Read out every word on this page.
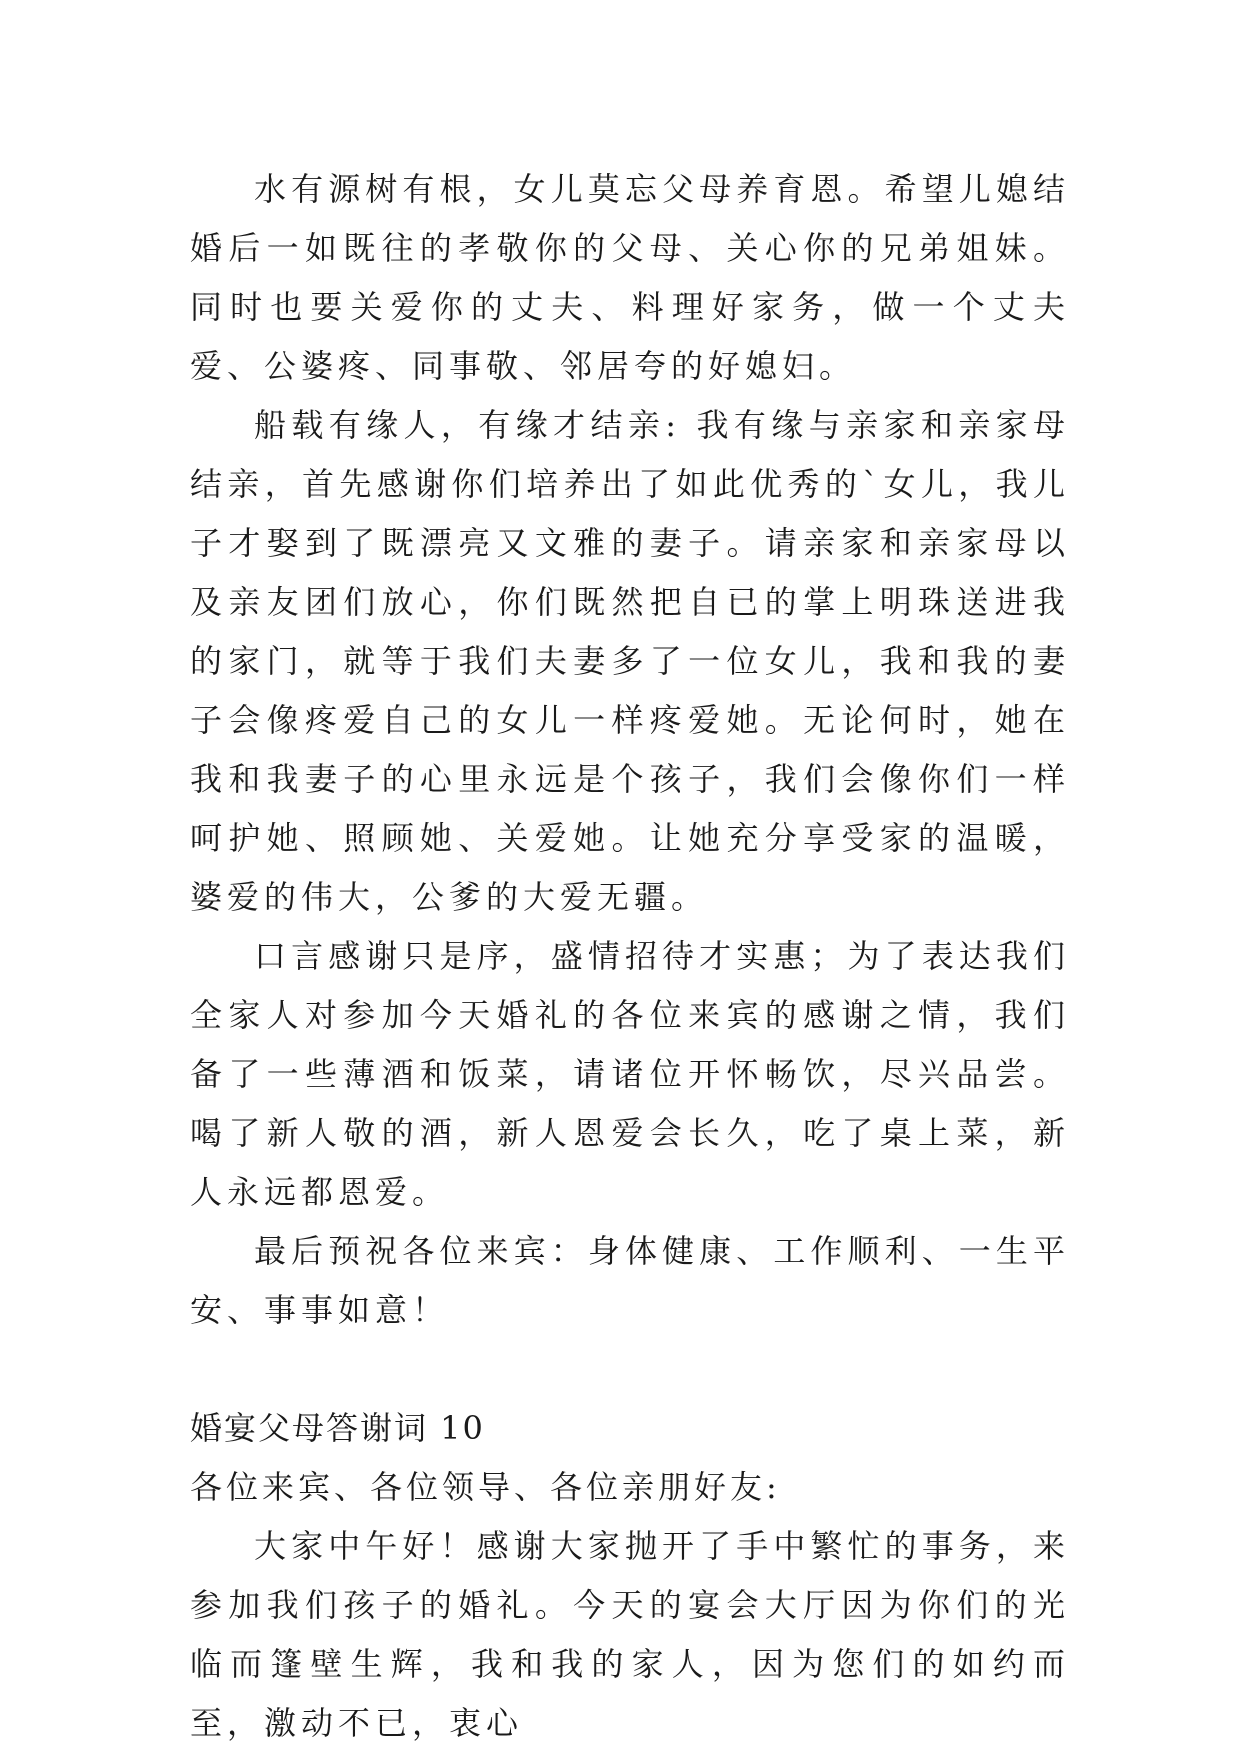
水有源树有根，女儿莫忘父母养育恩。希望儿媳结婚后一如既往的孝敬你的父母、关心你的兄弟姐妹。同时也要关爱你的丈夫、料理好家务，做一个丈夫爱、公婆疼、同事敬、邻居夸的好媳妇。

船载有缘人，有缘才结亲: 我有缘与亲家和亲家母结亲，首先感谢你们培养出了如此优秀的`女儿，我儿子才娶到了既漂亮又文雅的妻子。请亲家和亲家母以及亲友团们放心，你们既然把自已的掌上明珠送进我的家门，就等于我们夫妻多了一位女儿，我和我的妻子会像疼爱自己的女儿一样疼爱她。无论何时，她在我和我妻子的心里永远是个孩子，我们会像你们一样呵护她、照顾她、关爱她。让她充分享受家的温暖，婆爱的伟大，公爹的大爱无疆。

口言感谢只是序，盛情招待才实惠；为了表达我们全家人对参加今天婚礼的各位来宾的感谢之情，我们备了一些薄酒和饭菜，请诸位开怀畅饮，尽兴品尝。喝了新人敬的酒，新人恩爱会长久，吃了桌上菜，新人永远都恩爱。

最后预祝各位来宾：身体健康、工作顺利、一生平安、事事如意！

婚宴父母答谢词 10

各位来宾、各位领导、各位亲朋好友:

大家中午好！感谢大家抛开了手中繁忙的事务，来参加我们孩子的婚礼。今天的宴会大厅因为你们的光临而篷壁生辉，我和我的家人，因为您们的如约而至，激动不已，衷心
